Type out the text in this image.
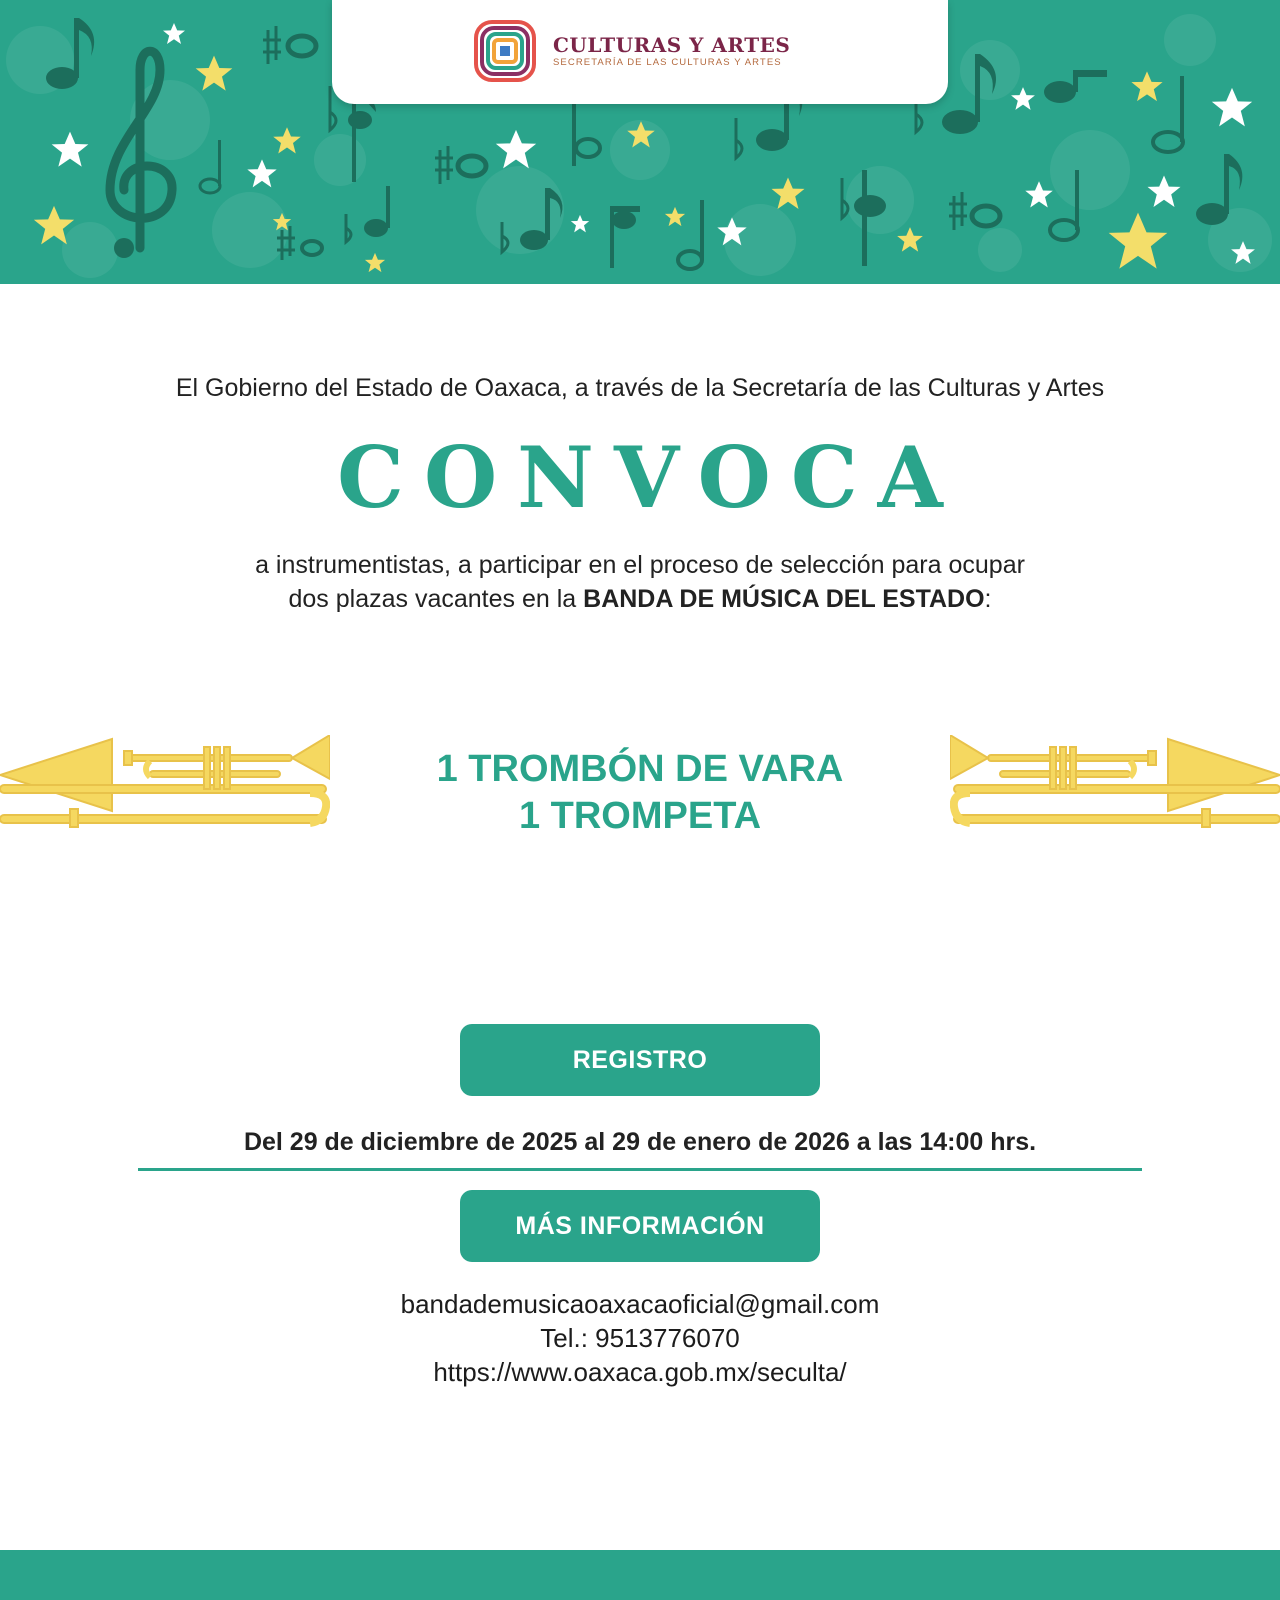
CULTURAS Y ARTES
SECRETARÍA DE LAS CULTURAS Y ARTES
El Gobierno del Estado de Oaxaca, a través de la Secretaría de las Culturas y Artes
CONVOCA
a instrumentistas, a participar en el proceso de selección para ocupar
dos plazas vacantes en la BANDA DE MÚSICA DEL ESTADO:
1 TROMBÓN DE VARA
1 TROMPETA
REGISTRO
Del 29 de diciembre de 2025 al 29 de enero de 2026 a las 14:00 hrs.
MÁS INFORMACIÓN
bandademusicaoaxacaoficial@gmail.com
Tel.: 9513776070
https://www.oaxaca.gob.mx/seculta/
